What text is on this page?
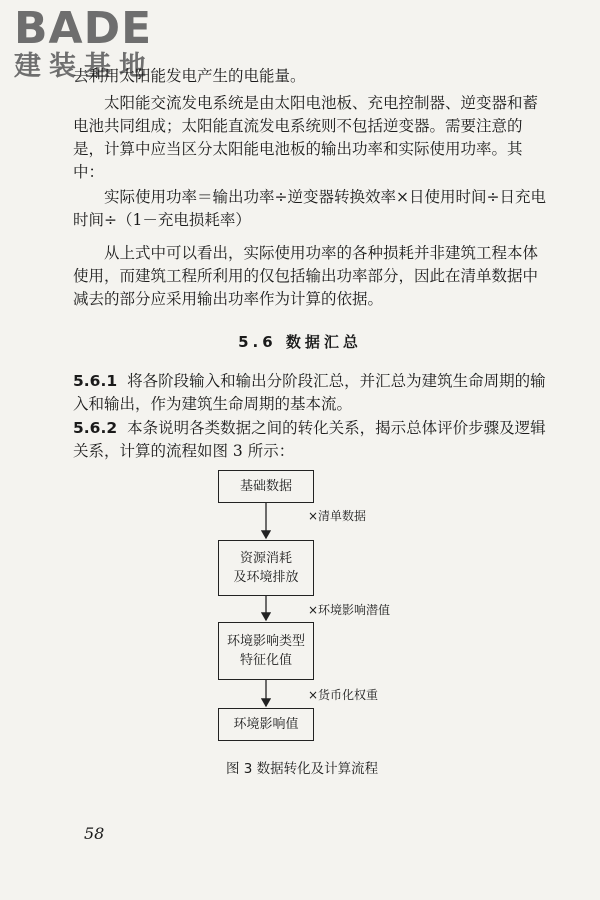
BADE
建装基地
去利用太阳能发电产生的电能量。

太阳能交流发电系统是由太阳电池板、充电控制器、逆变器和蓄电池共同组成；太阳能直流发电系统则不包括逆变器。需要注意的是，计算中应当区分太阳能电池板的输出功率和实际使用功率。其中：

实际使用功率＝输出功率÷逆变器转换效率×日使用时间÷日充电时间÷（1－充电损耗率）

从上式中可以看出，实际使用功率的各种损耗并非建筑工程本体使用，而建筑工程所利用的仅包括输出功率部分，因此在清单数据中减去的部分应采用输出功率作为计算的依据。

5.6 数据汇总

5.6.1 将各阶段输入和输出分阶段汇总，并汇总为建筑生命周期的输入和输出，作为建筑生命周期的基本流。

5.6.2 本条说明各类数据之间的转化关系，揭示总体评价步骤及逻辑关系，计算的流程如图 3 所示：

基础数据
×清单数据
资源消耗
及环境排放
×环境影响潜值
环境影响类型
特征化值
×货币化权重
环境影响值
图 3 数据转化及计算流程
58
